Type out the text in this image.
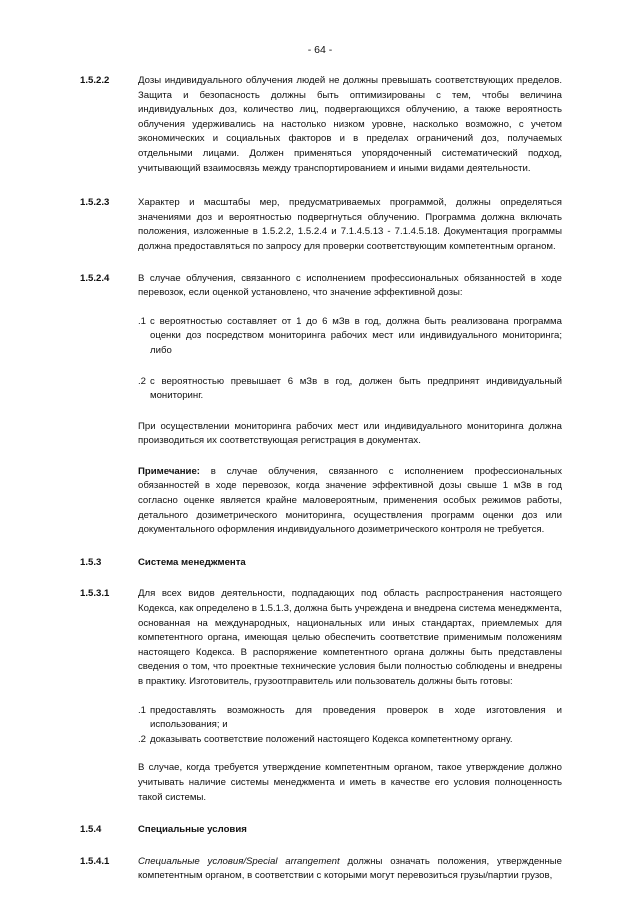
- 64 -
1.5.2.2	Дозы индивидуального облучения людей не должны превышать соответствующих пределов. Защита и безопасность должны быть оптимизированы с тем, чтобы величина индивидуальных доз, количество лиц, подвергающихся облучению, а также вероятность облучения удерживались на настолько низком уровне, насколько возможно, с учетом экономических и социальных факторов и в пределах ограничений доз, получаемых отдельными лицами. Должен применяться упорядоченный систематический подход, учитывающий взаимосвязь между транспортированием и иными видами деятельности.

1.5.2.3	Характер и масштабы мер, предусматриваемых программой, должны определяться значениями доз и вероятностью подвергнуться облучению. Программа должна включать положения, изложенные в 1.5.2.2, 1.5.2.4 и 7.1.4.5.13 - 7.1.4.5.18. Документация программы должна предоставляться по запросу для проверки соответствующим компетентным органом.

1.5.2.4	В случае облучения, связанного с исполнением профессиональных обязанностей в ходе перевозок, если оценкой установлено, что значение эффективной дозы:

.1 с вероятностью составляет от 1 до 6 мЗв в год, должна быть реализована программа оценки доз посредством мониторинга рабочих мест или индивидуального мониторинга; либо
.2 с вероятностью превышает 6 мЗв в год, должен быть предпринят индивидуальный мониторинг.

При осуществлении мониторинга рабочих мест или индивидуального мониторинга должна производиться их соответствующая регистрация в документах.

Примечание: в случае облучения, связанного с исполнением профессиональных обязанностей в ходе перевозок, когда значение эффективной дозы свыше 1 мЗв в год согласно оценке является крайне маловероятным, применения особых режимов работы, детального дозиметрического мониторинга, осуществления программ оценки доз или документального оформления индивидуального дозиметрического контроля не требуется.

1.5.3	Система менеджмента
1.5.3.1	Для всех видов деятельности, подпадающих под область распространения настоящего Кодекса, как определено в 1.5.1.3, должна быть учреждена и внедрена система менеджмента, основанная на международных, национальных или иных стандартах, приемлемых для компетентного органа, имеющая целью обеспечить соответствие применимым положениям настоящего Кодекса. В распоряжение компетентного органа должны быть представлены сведения о том, что проектные технические условия были полностью соблюдены и внедрены в практику. Изготовитель, грузоотправитель или пользователь должны быть готовы:

.1 предоставлять возможность для проведения проверок в ходе изготовления и использования; и
.2 доказывать соответствие положений настоящего Кодекса компетентному органу.

В случае, когда требуется утверждение компетентным органом, такое утверждение должно учитывать наличие системы менеджмента и иметь в качестве его условия полноценность такой системы.

1.5.4	Специальные условия
1.5.4.1	Специальные условия/Special arrangement должны означать положения, утвержденные компетентным органом, в соответствии с которыми могут перевозиться грузы/партии грузов,
